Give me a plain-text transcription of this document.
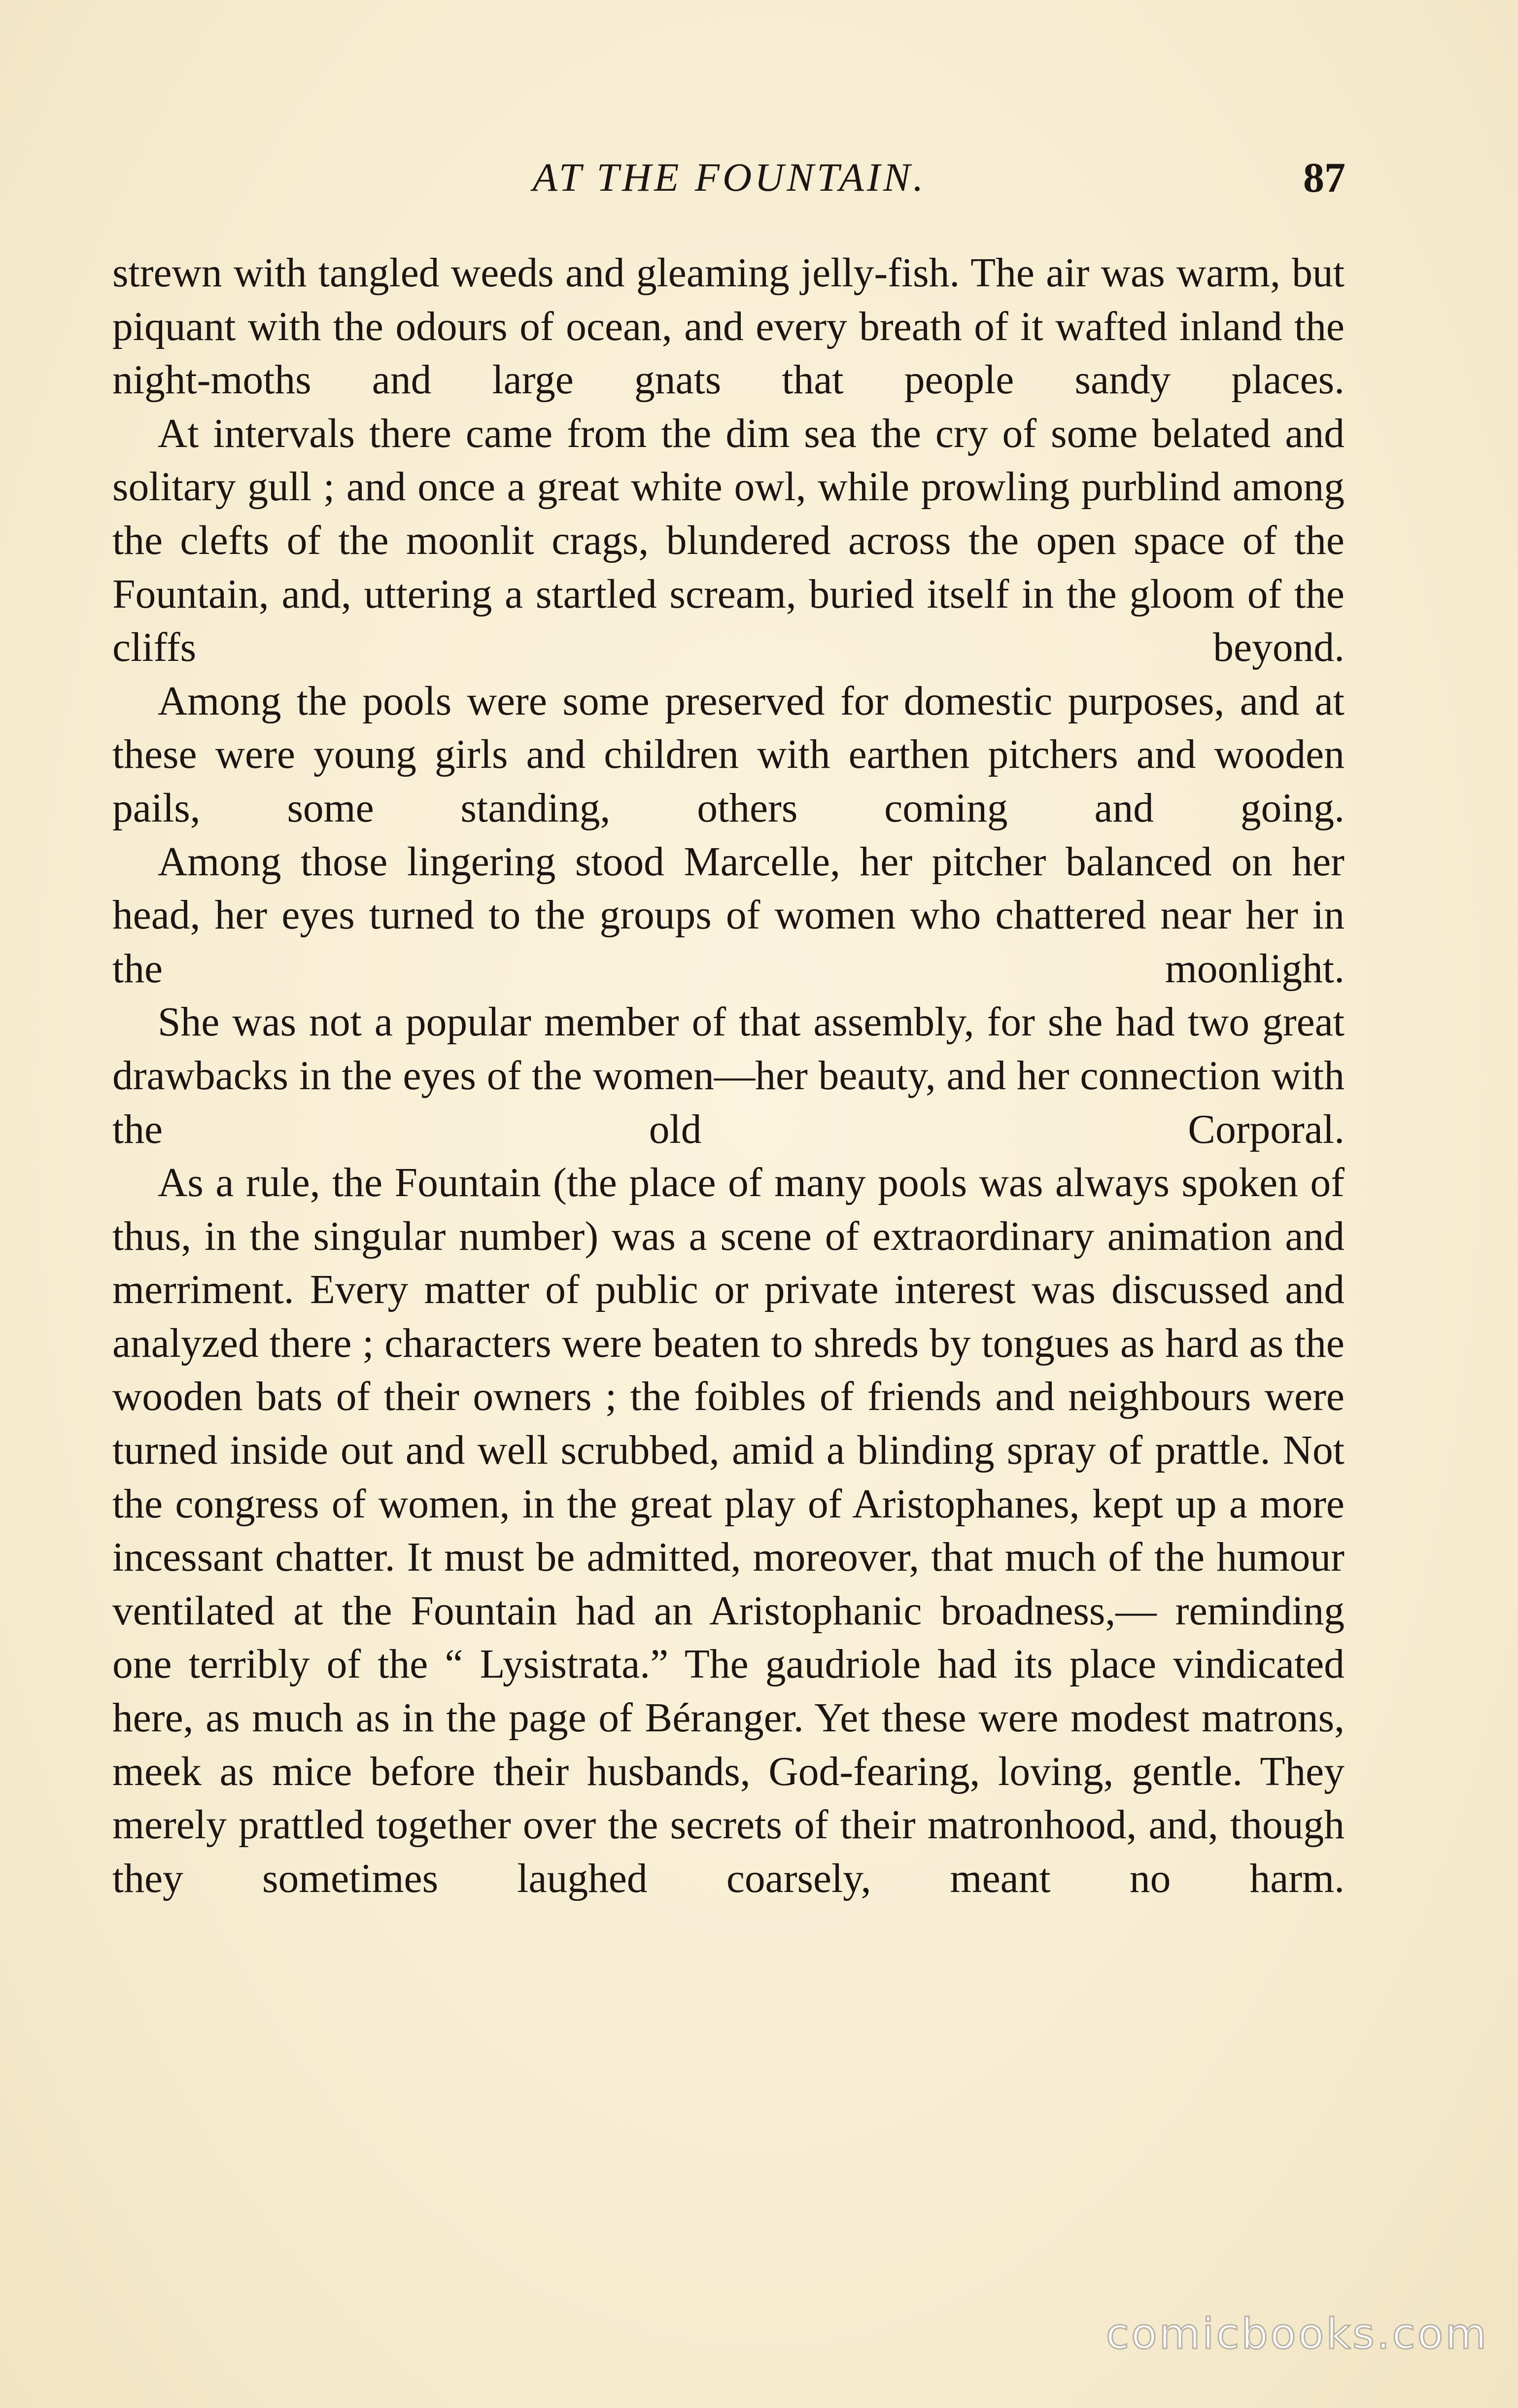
AT THE FOUNTAIN.	87

strewn with tangled weeds and gleaming jelly-fish. The air was warm, but piquant with the odours of ocean, and every breath of it wafted inland the night-moths and large gnats that people sandy places.

At intervals there came from the dim sea the cry of some belated and solitary gull ; and once a great white owl, while prowling purblind among the clefts of the moonlit crags, blundered across the open space of the Fountain, and, uttering a startled scream, buried itself in the gloom of the cliffs beyond.

Among the pools were some preserved for domestic purposes, and at these were young girls and children with earthen pitchers and wooden pails, some standing, others coming and going.

Among those lingering stood Marcelle, her pitcher balanced on her head, her eyes turned to the groups of women who chattered near her in the moonlight.

She was not a popular member of that assembly, for she had two great drawbacks in the eyes of the women—her beauty, and her connection with the old Corporal.

As a rule, the Fountain (the place of many pools was always spoken of thus, in the singular number) was a scene of extraordinary animation and merriment. Every matter of public or private interest was discussed and analyzed there ; characters were beaten to shreds by tongues as hard as the wooden bats of their owners ; the foibles of friends and neighbours were turned inside out and well scrubbed, amid a blinding spray of prattle. Not the congress of women, in the great play of Aristophanes, kept up a more incessant chatter. It must be admitted, moreover, that much of the humour ventilated at the Fountain had an Aristophanic broadness,— reminding one terribly of the “ Lysistrata.” The gaudriole had its place vindicated here, as much as in the page of Béranger. Yet these were modest matrons, meek as mice before their husbands, God-fearing, loving, gentle. They merely prattled together over the secrets of their matronhood, and, though they sometimes laughed coarsely, meant no harm.

comicbooks.com
